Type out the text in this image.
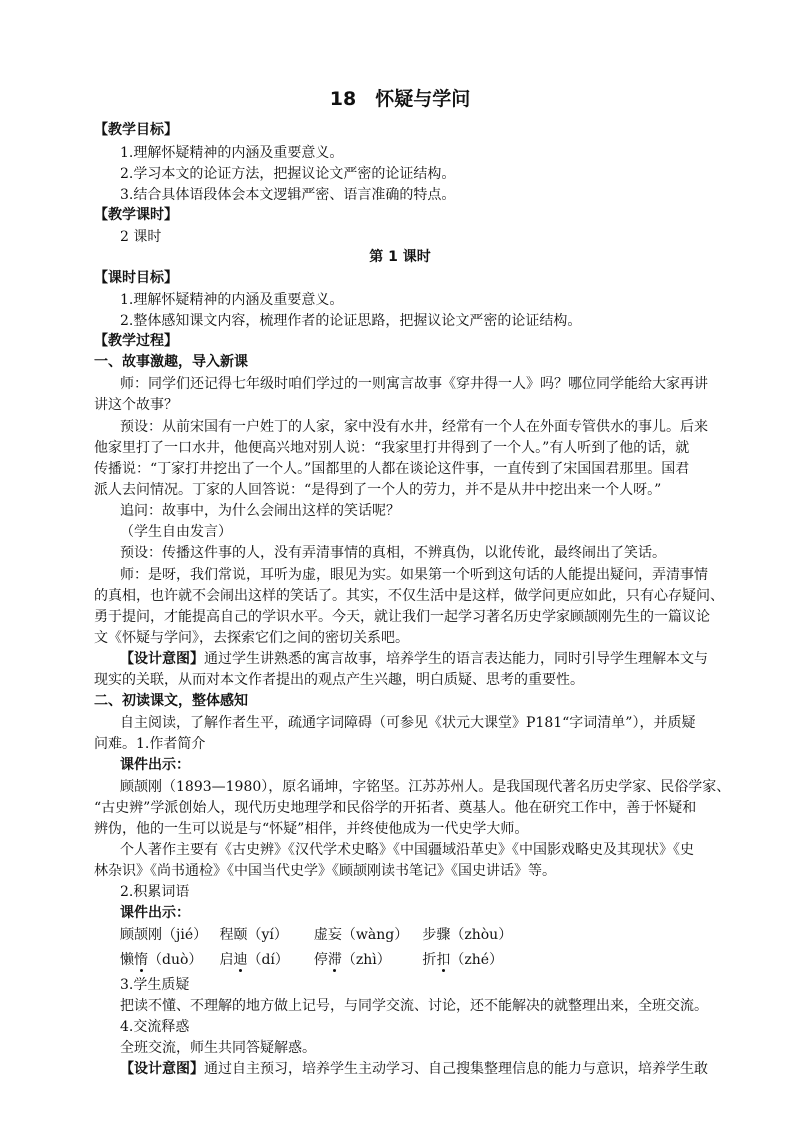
18　怀疑与学问
【教学目标】
1.理解怀疑精神的内涵及重要意义。
2.学习本文的论证方法，把握议论文严密的论证结构。
3.结合具体语段体会本文逻辑严密、语言准确的特点。
【教学课时】
2 课时
第 1 课时
【课时目标】
1.理解怀疑精神的内涵及重要意义。
2.整体感知课文内容，梳理作者的论证思路，把握议论文严密的论证结构。
【教学过程】
一、故事激趣，导入新课
师：同学们还记得七年级时咱们学过的一则寓言故事《穿井得一人》吗？哪位同学能给大家再讲
讲这个故事？
预设：从前宋国有一户姓丁的人家，家中没有水井，经常有一个人在外面专管供水的事儿。后来
他家里打了一口水井，他便高兴地对别人说：“我家里打井得到了一个人。”有人听到了他的话，就
传播说：“丁家打井挖出了一个人。”国都里的人都在谈论这件事，一直传到了宋国国君那里。国君
派人去问情况。丁家的人回答说：“是得到了一个人的劳力，并不是从井中挖出来一个人呀。”
追问：故事中，为什么会闹出这样的笑话呢？
（学生自由发言）
预设：传播这件事的人，没有弄清事情的真相，不辨真伪，以讹传讹，最终闹出了笑话。
师：是呀，我们常说，耳听为虚，眼见为实。如果第一个听到这句话的人能提出疑问，弄清事情
的真相，也许就不会闹出这样的笑话了。其实，不仅生活中是这样，做学问更应如此，只有心存疑问、
勇于提问，才能提高自己的学识水平。今天，就让我们一起学习著名历史学家顾颉刚先生的一篇议论
文《怀疑与学问》，去探索它们之间的密切关系吧。
【设计意图】通过学生讲熟悉的寓言故事，培养学生的语言表达能力，同时引导学生理解本文与
现实的关联，从而对本文作者提出的观点产生兴趣，明白质疑、思考的重要性。
二、初读课文，整体感知
自主阅读，了解作者生平，疏通字词障碍（可参见《状元大课堂》P181“字词清单”），并质疑
问难。1.作者简介
课件出示：
顾颉刚（1893—1980），原名诵坤，字铭坚。江苏苏州人。是我国现代著名历史学家、民俗学家、
“古史辨”学派创始人，现代历史地理学和民俗学的开拓者、奠基人。他在研究工作中，善于怀疑和
辨伪，他的一生可以说是与“怀疑”相伴，并终使他成为一代史学大师。
个人著作主要有《古史辨》《汉代学术史略》《中国疆域沿革史》《中国影戏略史及其现状》《史
林杂识》《尚书通检》《中国当代史学》《顾颉刚读书笔记》《国史讲话》等。
2.积累词语
课件出示：
顾颉刚（jié） 程颐（yí） 虚妄（wàng） 步骤（zhòu）
懒惰（duò） 启迪（dí） 停滞（zhì） 折扣（zhé）
3.学生质疑
把读不懂、不理解的地方做上记号，与同学交流、讨论，还不能解决的就整理出来，全班交流。
4.交流释惑
全班交流，师生共同答疑解惑。
【设计意图】通过自主预习，培养学生主动学习、自己搜集整理信息的能力与意识，培养学生敢
